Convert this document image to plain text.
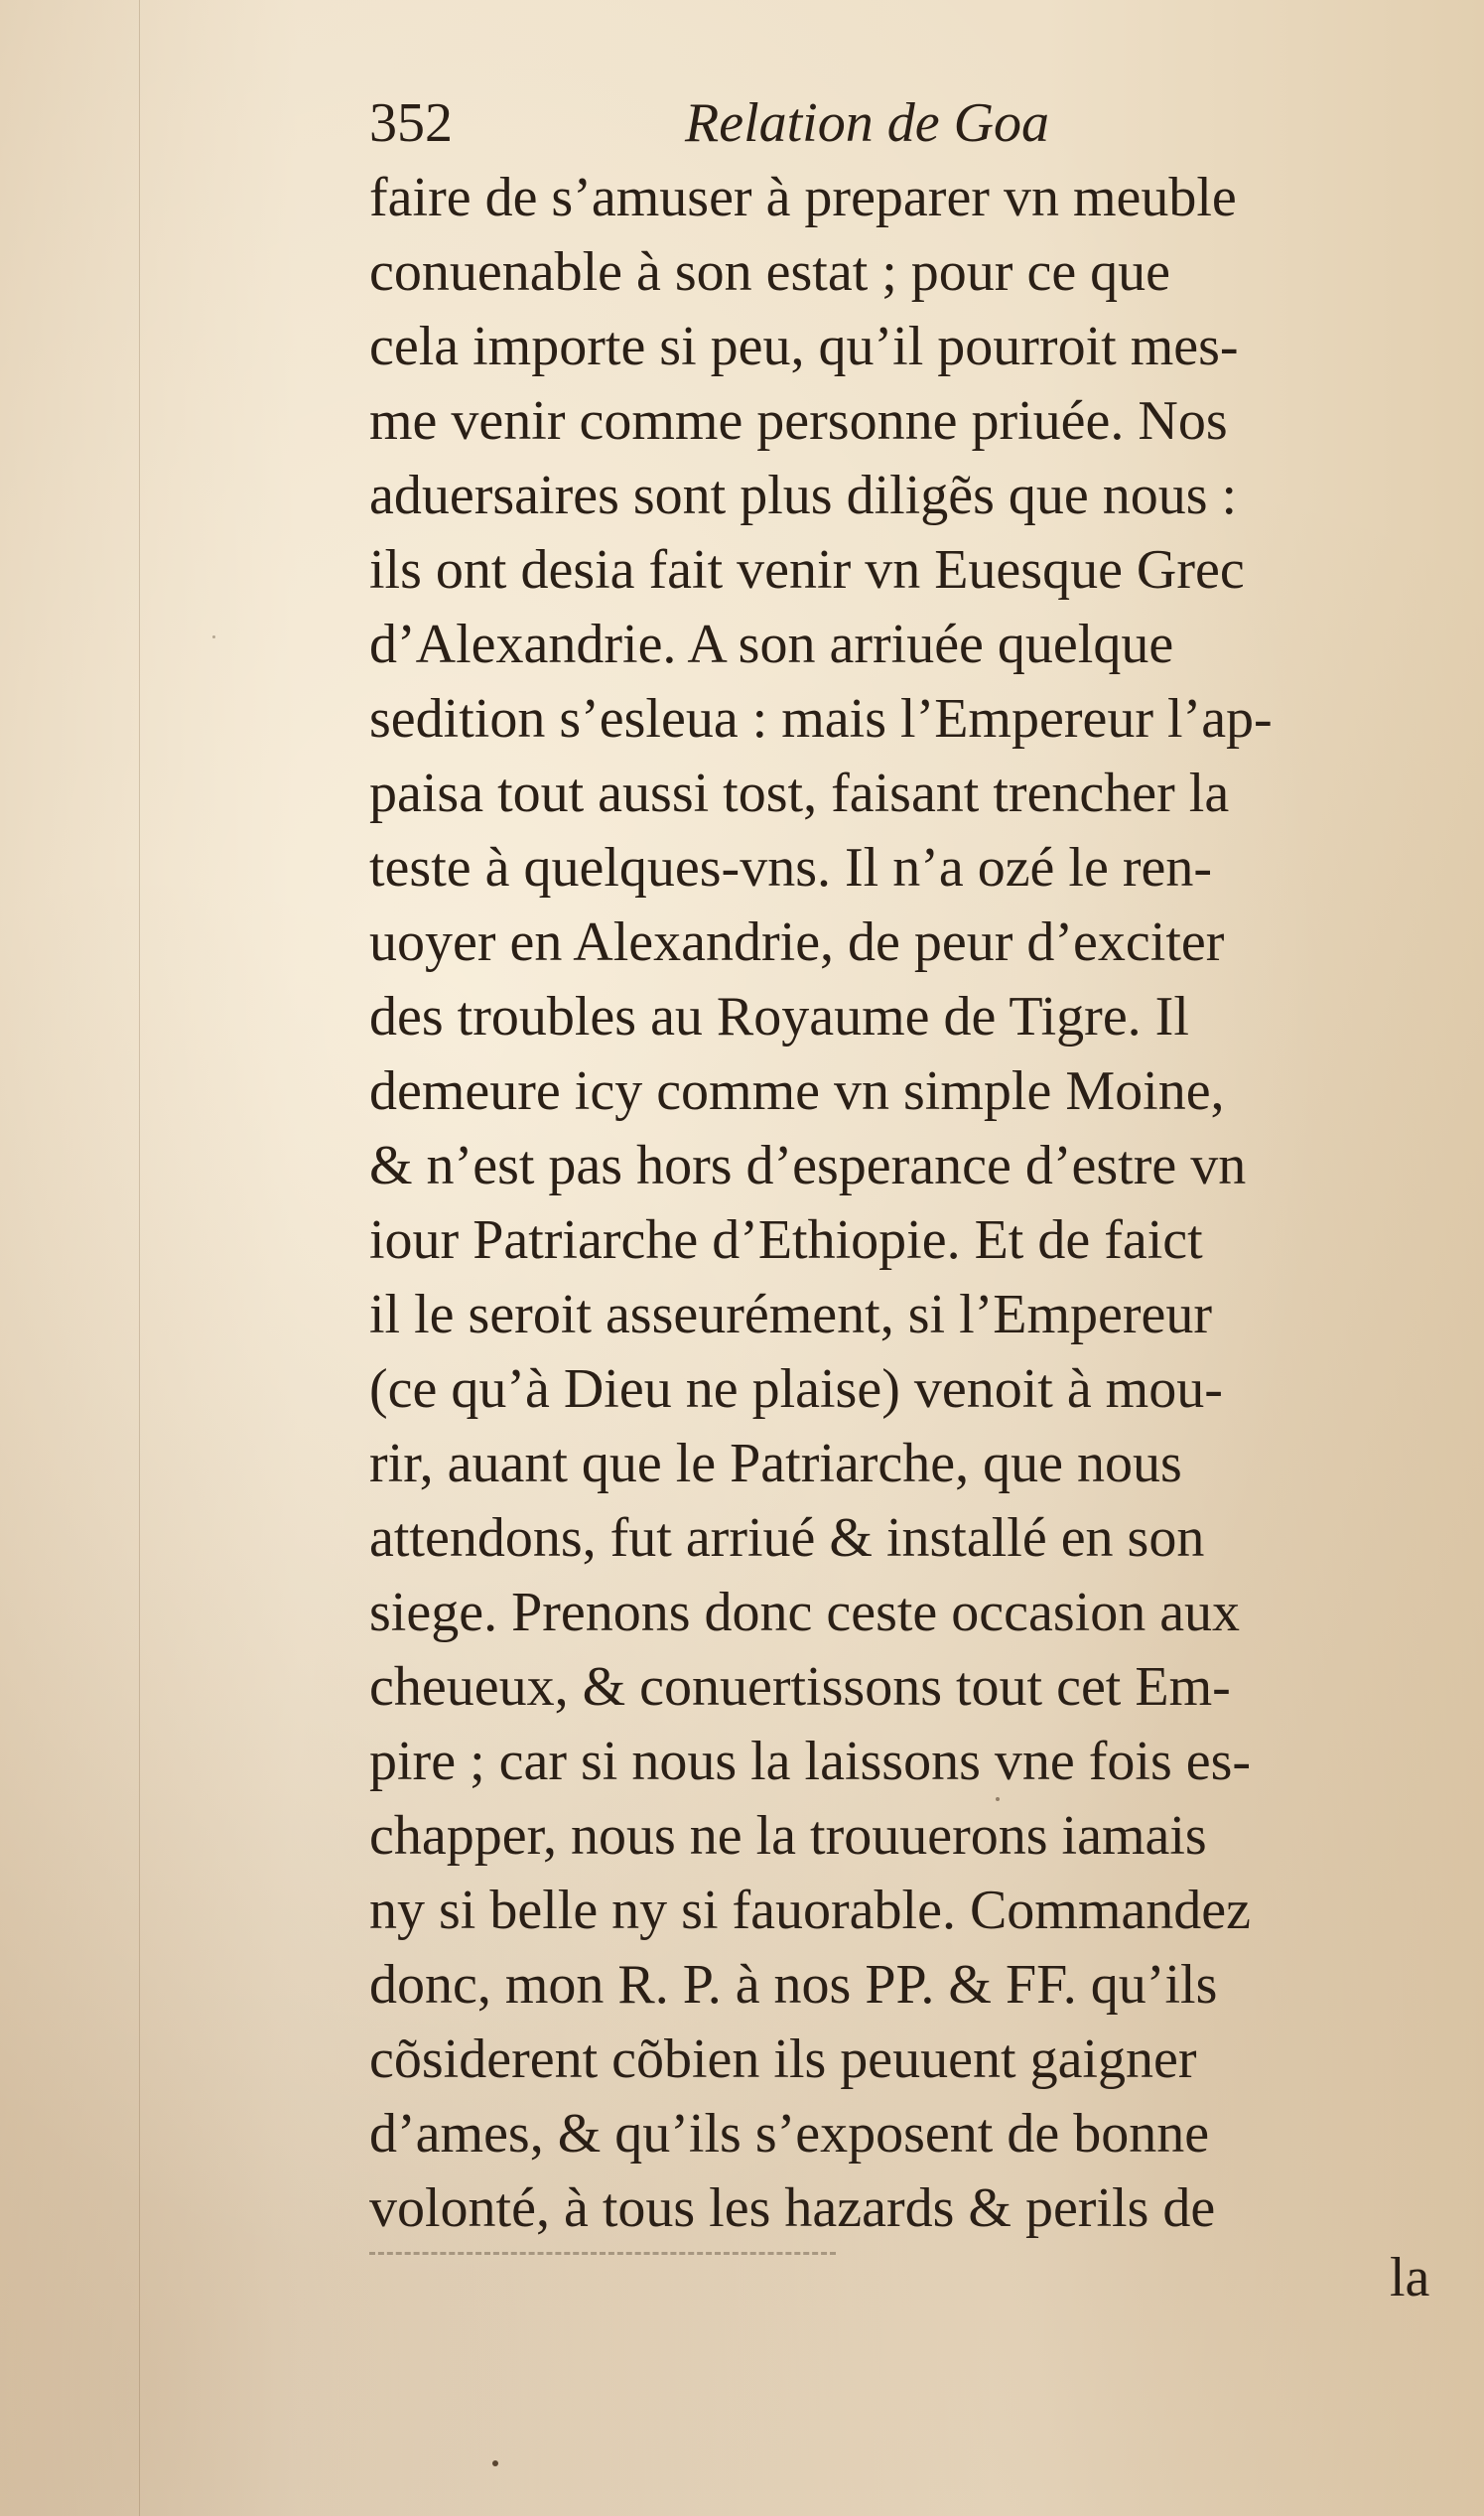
352	Relation de Goa
faire de s’amuser à preparer vn meuble
conuenable à son estat ; pour ce que
cela importe si peu, qu’il pourroit mes-
me venir comme personne priuée. Nos
aduersaires sont plus diligẽs que nous :
ils ont desia fait venir vn Euesque Grec
d’Alexandrie. A son arriuée quelque
sedition s’esleua : mais l’Empereur l’ap-
paisa tout aussi tost, faisant trencher la
teste à quelques-vns. Il n’a ozé le ren-
uoyer en Alexandrie, de peur d’exciter
des troubles au Royaume de Tigre. Il
demeure icy comme vn simple Moine,
& n’est pas hors d’esperance d’estre vn
iour Patriarche d’Ethiopie. Et de faict
il le seroit asseurément, si l’Empereur
(ce qu’à Dieu ne plaise) venoit à mou-
rir, auant que le Patriarche, que nous
attendons, fut arriué & installé en son
siege. Prenons donc ceste occasion aux
cheueux, & conuertissons tout cet Em-
pire ; car si nous la laissons vne fois es-
chapper, nous ne la trouuerons iamais
ny si belle ny si fauorable. Commandez
donc, mon R. P. à nos PP. & FF. qu’ils
cõsiderent cõbien ils peuuent gaigner
d’ames, & qu’ils s’exposent de bonne
volonté, à tous les hazards & perils de
la
